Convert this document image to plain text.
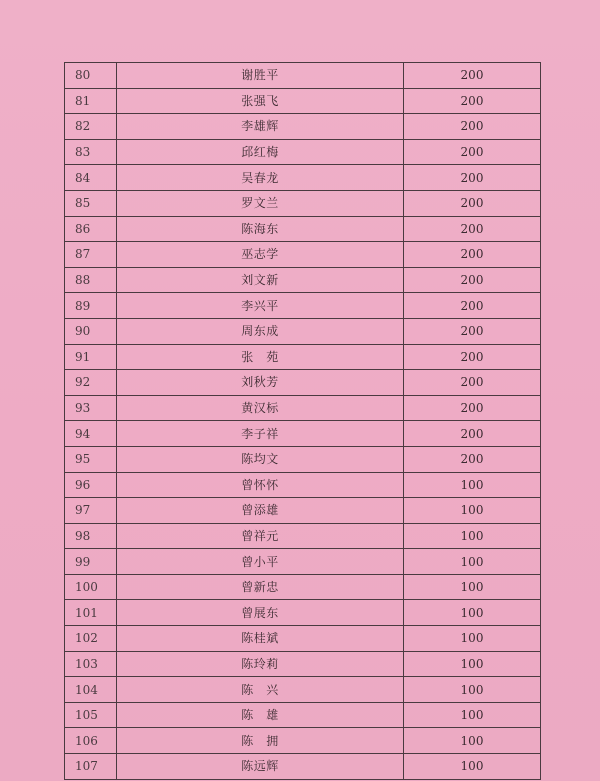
80	谢胜平	200
81	张强飞	200
82	李雄辉	200
83	邱红梅	200
84	吴春龙	200
85	罗文兰	200
86	陈海东	200
87	巫志学	200
88	刘文新	200
89	李兴平	200
90	周东成	200
91	张　苑	200
92	刘秋芳	200
93	黄汉标	200
94	李子祥	200
95	陈均文	200
96	曾怀怀	100
97	曾添雄	100
98	曾祥元	100
99	曾小平	100
100	曾新忠	100
101	曾展东	100
102	陈桂斌	100
103	陈玲莉	100
104	陈　兴	100
105	陈　雄	100
106	陈　拥	100
107	陈远辉	100
